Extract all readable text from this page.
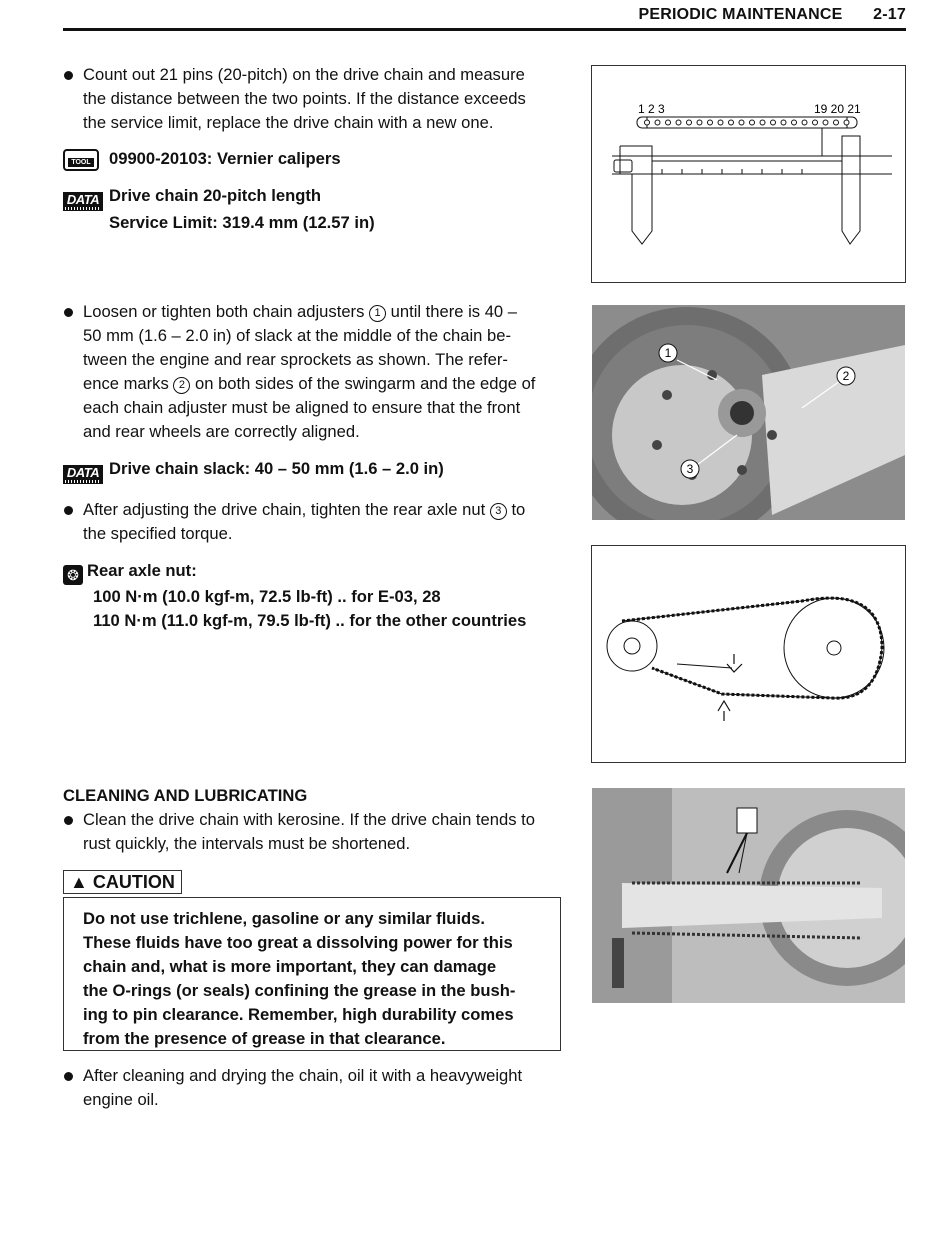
PERIODIC MAINTENANCE 2-17
Count out 21 pins (20-pitch) on the drive chain and measure
the distance between the two points. If the distance exceeds
the service limit, replace the drive chain with a new one.
TOOL 09900-20103: Vernier calipers
DATA Drive chain 20-pitch length
Service Limit: 319.4 mm (12.57 in)
Loosen or tighten both chain adjusters 1 until there is 40 –
50 mm (1.6 – 2.0 in) of slack at the middle of the chain be-
tween the engine and rear sprockets as shown. The refer-
ence marks 2 on both sides of the swingarm and the edge of
each chain adjuster must be aligned to ensure that the front
and rear wheels are correctly aligned.
DATA Drive chain slack: 40 – 50 mm (1.6 – 2.0 in)
After adjusting the drive chain, tighten the rear axle nut 3 to
the specified torque.
❂ Rear axle nut:
100 N·m (10.0 kgf-m, 72.5 lb-ft) .. for E-03, 28
110 N·m (11.0 kgf-m, 79.5 lb-ft) .. for the other countries
CLEANING AND LUBRICATING
Clean the drive chain with kerosine. If the drive chain tends to
rust quickly, the intervals must be shortened.
▲ CAUTION
Do not use trichlene, gasoline or any similar fluids.
These fluids have too great a dissolving power for this
chain and, what is more important, they can damage
the O-rings (or seals) confining the grease in the bush-
ing to pin clearance. Remember, high durability comes
from the presence of grease in that clearance.
After cleaning and drying the chain, oil it with a heavyweight
engine oil.
1 2 3	19 20 21
1
2
3
